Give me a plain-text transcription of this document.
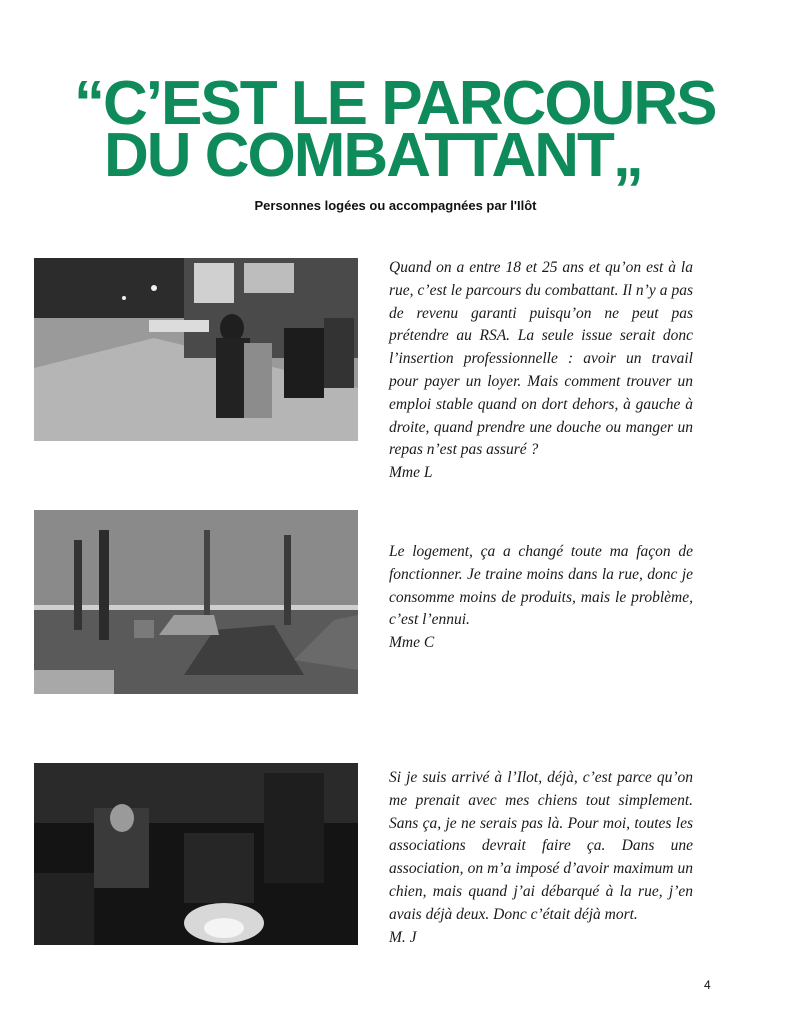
“C’EST LE PARCOURS
DU COMBATTANT„
Personnes logées ou accompagnées par l'Ilôt

Quand on a entre 18 et 25 ans et qu’on est à la rue, c’est le parcours du combattant. Il n’y a pas de revenu garanti puisqu’on ne peut pas prétendre au RSA. La seule issue serait donc l’insertion professionnelle : avoir un travail pour payer un loyer. Mais comment trouver un emploi stable quand on dort dehors, à gauche à droite, quand prendre une douche ou manger un repas n’est pas assuré ?

Mme L

Le logement, ça a changé toute ma façon de fonctionner. Je traine moins dans la rue, donc je consomme moins de produits, mais le problème, c’est l’ennui.

Mme C

Si je suis arrivé à l’Ilot, déjà, c’est parce qu’on me prenait avec mes chiens tout simplement. Sans ça, je ne serais pas là. Pour moi, toutes les associations devrait faire ça. Dans une association, on m’a imposé d’avoir maximum un chien, mais quand j’ai débarqué à la rue, j’en avais déjà deux. Donc c’était déjà mort.

M. J

4
